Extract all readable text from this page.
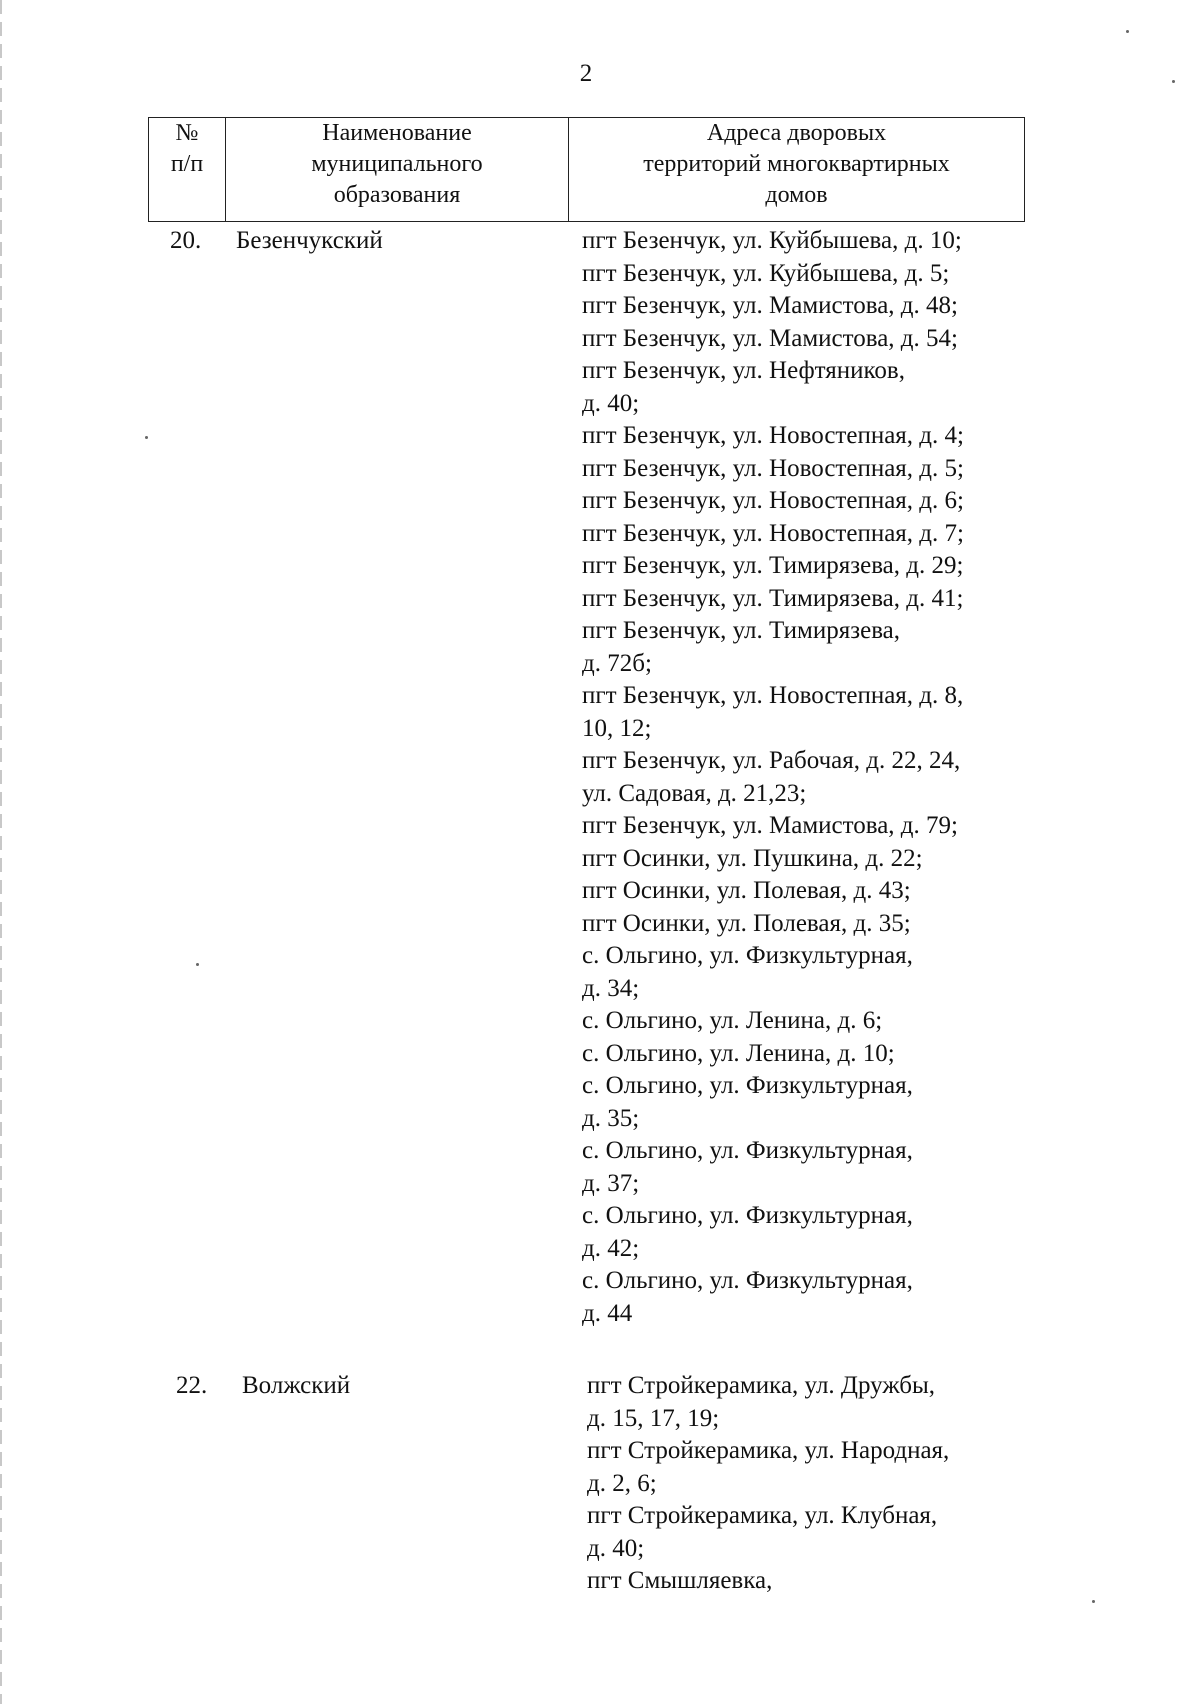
2
№
п/п

Наименование
муниципального
образования

Адреса дворовых
территорий многоквартирных
домов
20. Безенчукский	пгт Безенчук, ул. Куйбышева, д. 10;
пгт Безенчук, ул. Куйбышева, д. 5;
пгт Безенчук, ул. Мамистова, д. 48;
пгт Безенчук, ул. Мамистова, д. 54;
пгт Безенчук, ул. Нефтяников,
д. 40;
пгт Безенчук, ул. Новостепная, д. 4;
пгт Безенчук, ул. Новостепная, д. 5;
пгт Безенчук, ул. Новостепная, д. 6;
пгт Безенчук, ул. Новостепная, д. 7;
пгт Безенчук, ул. Тимирязева, д. 29;
пгт Безенчук, ул. Тимирязева, д. 41;
пгт Безенчук, ул. Тимирязева,
д. 72б;
пгт Безенчук, ул. Новостепная, д. 8,
10, 12;
пгт Безенчук, ул. Рабочая, д. 22, 24,
ул. Садовая, д. 21,23;
пгт Безенчук, ул. Мамистова, д. 79;
пгт Осинки, ул. Пушкина, д. 22;
пгт Осинки, ул. Полевая, д. 43;
пгт Осинки, ул. Полевая, д. 35;
с. Ольгино, ул. Физкультурная,
д. 34;
с. Ольгино, ул. Ленина, д. 6;
с. Ольгино, ул. Ленина, д. 10;
с. Ольгино, ул. Физкультурная,
д. 35;
с. Ольгино, ул. Физкультурная,
д. 37;
с. Ольгино, ул. Физкультурная,
д. 42;
с. Ольгино, ул. Физкультурная,
д. 44
22. Волжский	пгт Стройкерамика, ул. Дружбы,
д. 15, 17, 19;
пгт Стройкерамика, ул. Народная,
д. 2, 6;
пгт Стройкерамика, ул. Клубная,
д. 40;
пгт Смышляевка,
